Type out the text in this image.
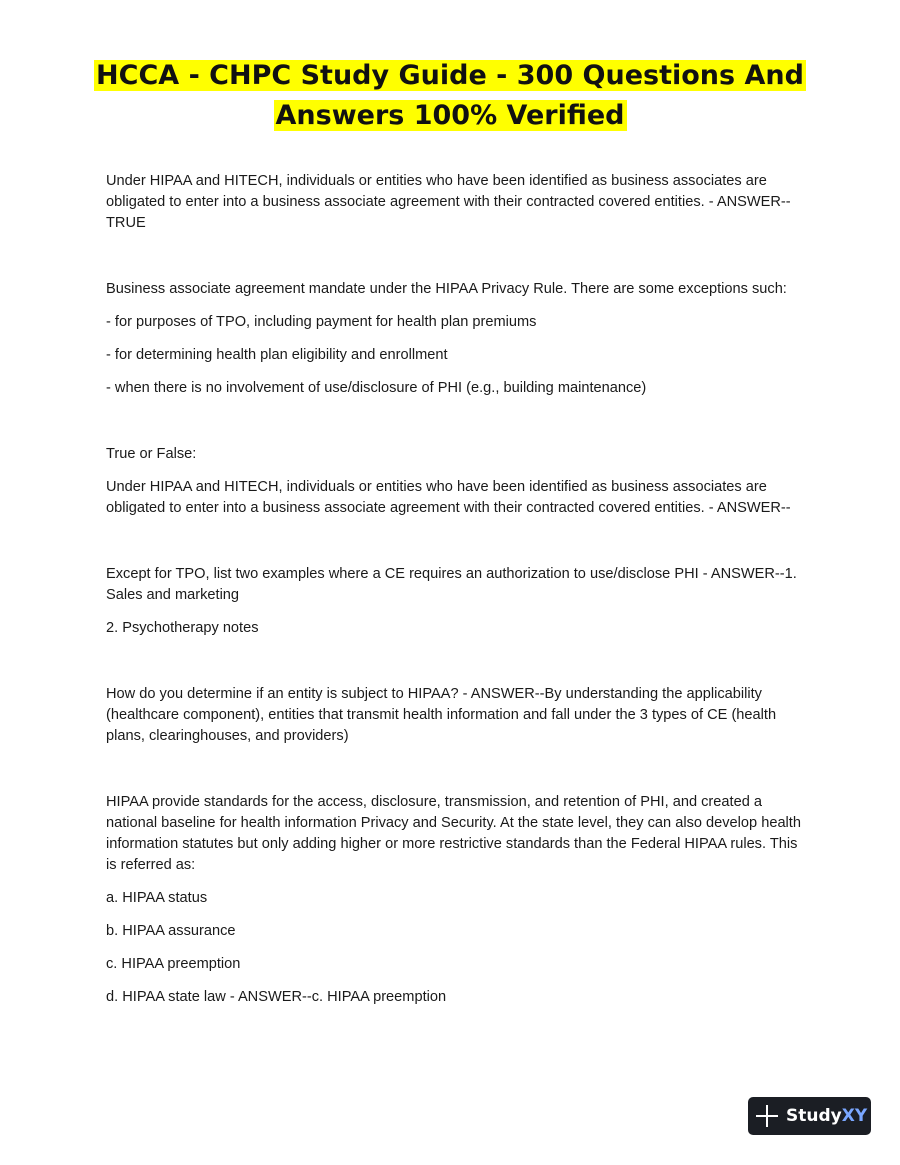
HCCA - CHPC Study Guide - 300 Questions And
Answers 100% Verified

Under HIPAA and HITECH, individuals or entities who have been identified as business associates are obligated to enter into a business associate agreement with their contracted covered entities. - ANSWER--TRUE

Business associate agreement mandate under the HIPAA Privacy Rule. There are some exceptions such:

- for purposes of TPO, including payment for health plan premiums

- for determining health plan eligibility and enrollment

- when there is no involvement of use/disclosure of PHI (e.g., building maintenance)

True or False:

Under HIPAA and HITECH, individuals or entities who have been identified as business associates are obligated to enter into a business associate agreement with their contracted covered entities. - ANSWER--

Except for TPO, list two examples where a CE requires an authorization to use/disclose PHI - ANSWER--1. Sales and marketing

2. Psychotherapy notes

How do you determine if an entity is subject to HIPAA? - ANSWER--By understanding the applicability (healthcare component), entities that transmit health information and fall under the 3 types of CE (health plans, clearinghouses, and providers)

HIPAA provide standards for the access, disclosure, transmission, and retention of PHI, and created a national baseline for health information Privacy and Security. At the state level, they can also develop health information statutes but only adding higher or more restrictive standards than the Federal HIPAA rules. This is referred as:

a. HIPAA status

b. HIPAA assurance

c. HIPAA preemption

d. HIPAA state law - ANSWER--c. HIPAA preemption

StudyXY
